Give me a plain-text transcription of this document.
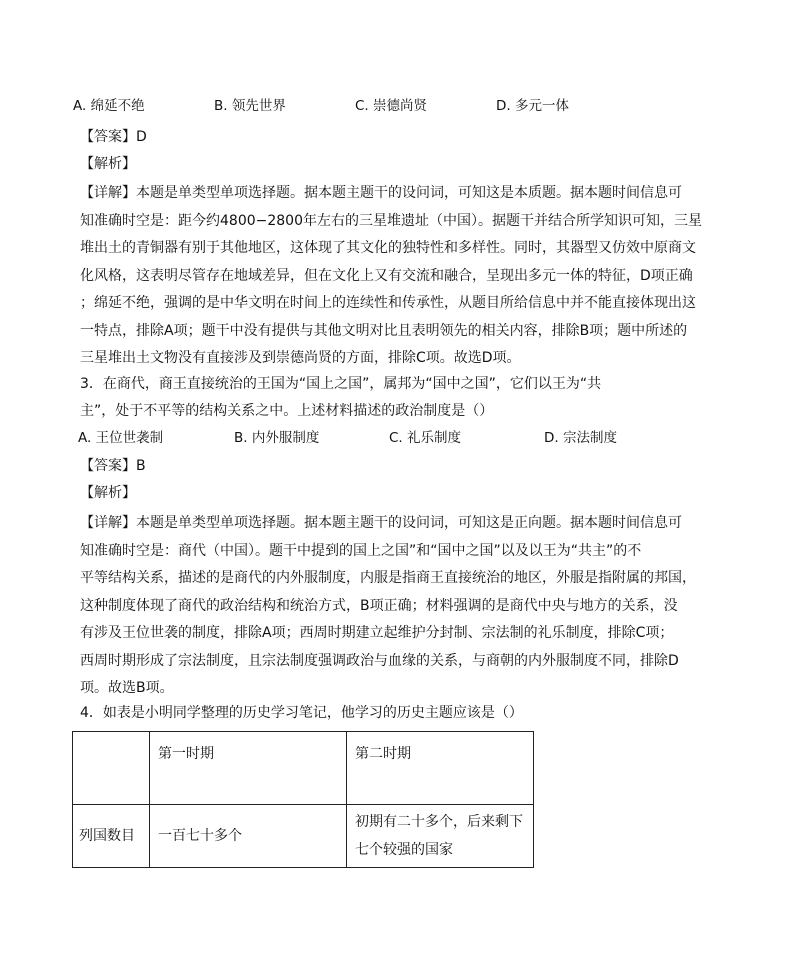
A. 绵延不绝	B. 领先世界	C. 崇德尚贤	D. 多元一体
【答案】D
【解析】
【详解】本题是单类型单项选择题。据本题主题干的设问词，可知这是本质题。据本题时间信息可
知准确时空是：距今约4800−2800年左右的三星堆遗址（中国）。据题干并结合所学知识可知，三星
堆出土的青铜器有别于其他地区，这体现了其文化的独特性和多样性。同时，其器型又仿效中原商文
化风格，这表明尽管存在地域差异，但在文化上又有交流和融合，呈现出多元一体的特征，D项正确
；绵延不绝，强调的是中华文明在时间上的连续性和传承性，从题目所给信息中并不能直接体现出这
一特点，排除A项；题干中没有提供与其他文明对比且表明领先的相关内容，排除B项；题中所述的
三星堆出土文物没有直接涉及到崇德尚贤的方面，排除C项。故选D项。
3．在商代，商王直接统治的王国为“国上之国”，属邦为“国中之国”，它们以王为“共
主”，处于不平等的结构关系之中。上述材料描述的政治制度是（）
A. 王位世袭制	B. 内外服制度	C. 礼乐制度	D. 宗法制度
【答案】B
【解析】
【详解】本题是单类型单项选择题。据本题主题干的设问词，可知这是正向题。据本题时间信息可
知准确时空是：商代（中国）。题干中提到的国上之国”和“国中之国”以及以王为“共主”的不
平等结构关系，描述的是商代的内外服制度，内服是指商王直接统治的地区，外服是指附属的邦国，
这种制度体现了商代的政治结构和统治方式，B项正确；材料强调的是商代中央与地方的关系，没
有涉及王位世袭的制度，排除A项；西周时期建立起维护分封制、宗法制的礼乐制度，排除C项；
西周时期形成了宗法制度，且宗法制度强调政治与血缘的关系，与商朝的内外服制度不同，排除D
项。故选B项。
4．如表是小明同学整理的历史学习笔记，他学习的历史主题应该是（）
	第一时期	第二时期
列国数目	一百七十多个	初期有二十多个，后来剩下
七个较强的国家
